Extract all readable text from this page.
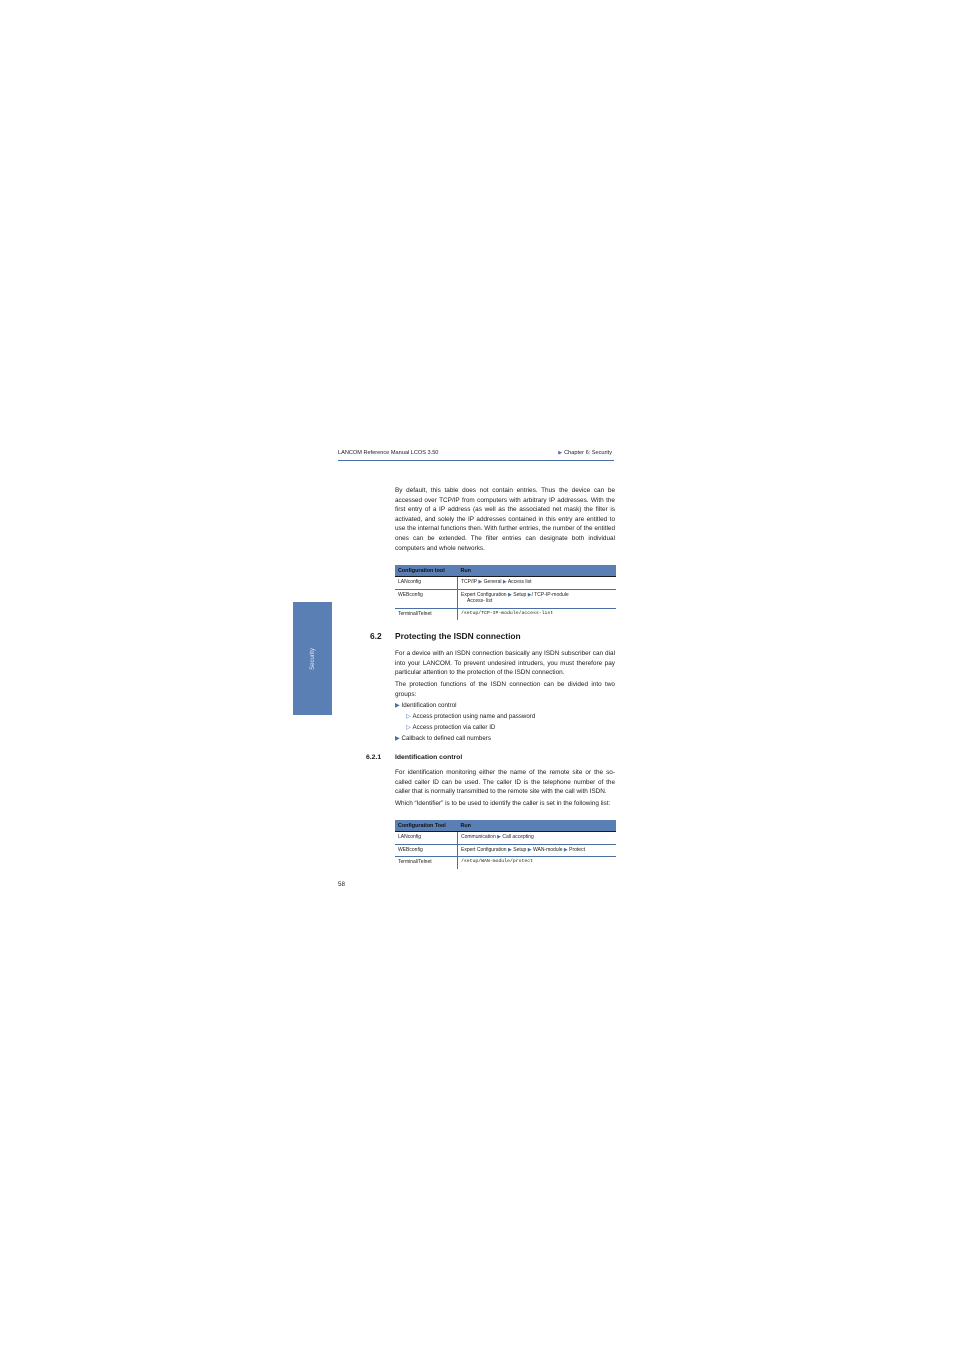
LANCOM Reference Manual LCOS 3.50	▶ Chapter 6: Security
Security

By default, this table does not contain entries. Thus the device can be accessed over TCP/IP from computers with arbitrary IP addresses. With the first entry of a IP address (as well as the associated net mask) the filter is activated, and solely the IP addresses contained in this entry are entitled to use the internal functions then. With further entries, the number of the entitled ones can be extended. The filter entries can designate both individual computers and whole networks.

Configuration tool	Run
LANconfig	TCP/IP ▶ General ▶ Access list
WEBconfig	Expert Configuration ▶ Setup ▶/ TCP-IP-module
Access- list
Terminal/Telnet	/setup/TCP-IP-module/access-list
6.2 Protecting the ISDN connection

For a device with an ISDN connection basically any ISDN subscriber can dial into your LANCOM. To prevent undesired intruders, you must therefore pay particular attention to the protection of the ISDN connection.

The protection functions of the ISDN connection can be divided into two groups:

▶ Identification control
▷ Access protection using name and password
▷ Access protection via caller ID
▶ Callback to defined call numbers
6.2.1 Identification control

For identification monitoring either the name of the remote site or the so-called caller ID can be used. The caller ID is the telephone number of the caller that is normally transmitted to the remote site with the call with ISDN.

Which “Identifier” is to be used to identify the caller is set in the following list:

Configuration Tool	Run
LANconfig	Communication ▶ Call accepting
WEBconfig	Expert Configuration ▶ Setup ▶ WAN-module ▶ Protect
Terminal/Telnet	/setup/WAN-module/protect
58
